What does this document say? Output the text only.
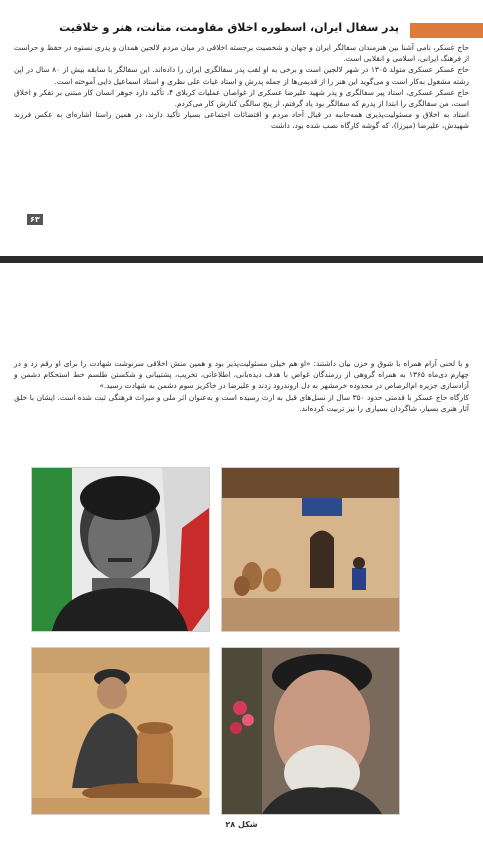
پدر سفال ایران، اسطوره اخلاق مقاومت، متانت، هنر و خلاقیت

حاج عسکر، نامی آشنا بین هنرمندان سفالگر ایران و جهان و شخصیت برجسته اخلاقی در میان مردم لالجین همدان و پدری نستوه در حفظ و حراست از فرهنگ ایرانی، اسلامی و انقلابی است.

حاج عسکر عسکری متولد ۱۳۰۵ در شهر لالجین است و برخی به او لقب پدر سفالگری ایران را داده‌اند. این سفالگر با سابقه بیش از ۸۰ سال در این رشته مشغول به‌کار است و می‌گوید این هنر را از قدیمی‌ها از جمله پدرش و استاد غیاث علی نظری و استاد اسماعیل دایی آموخته است.

حاج عسکر عسکری، استاد پیر سفالگری و پدر شهید علیرضا عسکری از غواصان عملیات کربلای ۴، تأکید دارد جوهر انسان کار مبتنی بر تفکر و اخلاق است، من سفالگری را ابتدا از پدرم که سفالگر بود یاد گرفتم، از پنج سالگی کنارش کار می‌کردم.

استاد به اخلاق و مسئولیت‌پذیری همه‌جانبه در قبال آحاد مردم و اقتضائات اجتماعی بسیار تأکید دارند، در همین راستا اشاره‌ای به عکس فرزند شهیدش، علیرضا (میرزا)، که گوشه کارگاه نصب شده بود، داشت

۶۳

و با لحنی آرام همراه با شوق و حزن بیان داشتند: «او هم خیلی مسئولیت‌پذیر بود و همین منش اخلاقی سرنوشت شهادت را برای او رقم زد و در چهارم دی‌ماه ۱۳۶۵ به همراه گروهی از رزمندگان غواص با هدف دیده‌بانی، اطلاعاتی، تخریب، پشتیبانی و شکستن طلسم خط استحکام دشمن و آزادسازی جزیره ام‌الرصاص در محدوده خرمشهر به دل اروندرود زدند و علیرضا در خاکریز سوم دشمن به شهادت رسید.»

کارگاه حاج عسکر با قدمتی حدود ۳۵۰ سال از نسل‌های قبل به ارث رسیده است و به‌عنوان اثر ملی و میراث فرهنگی ثبت شده است. ایشان با خلق آثار هنری بسیار، شاگردان بسیاری را نیز تربیت کرده‌اند.

شکل ۲۸
